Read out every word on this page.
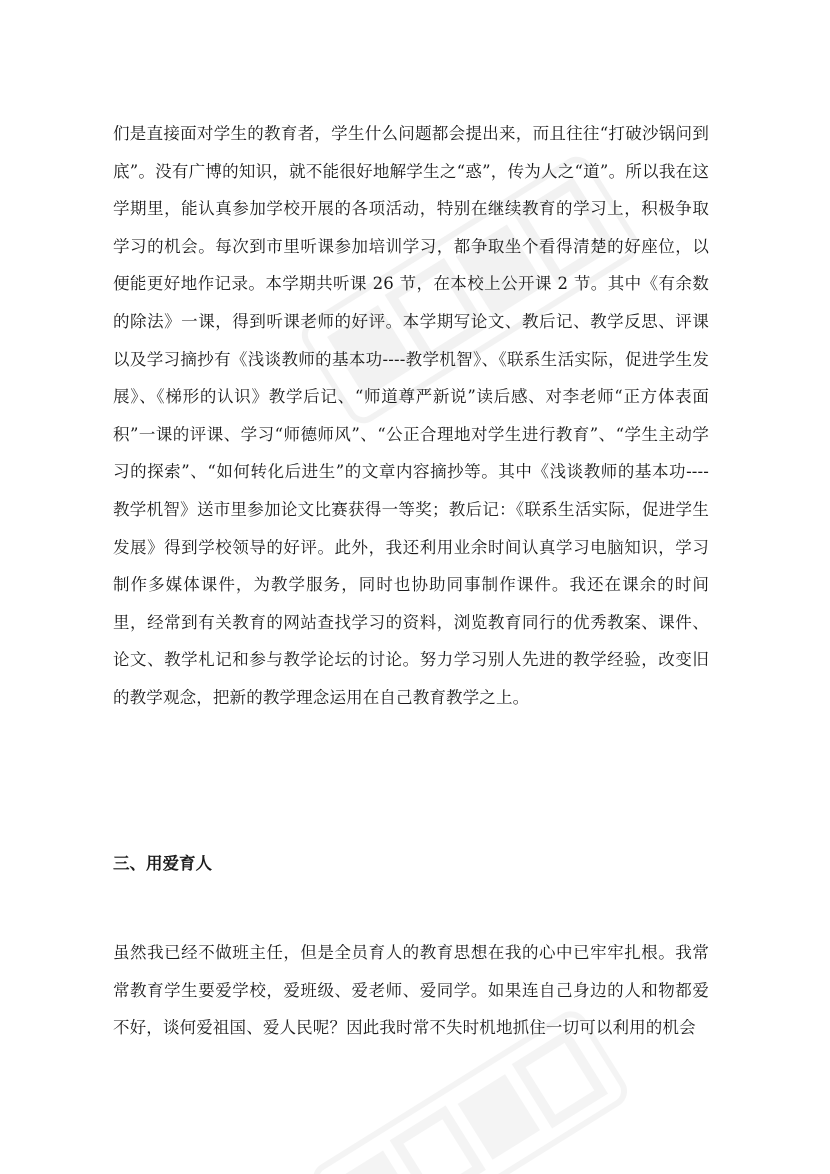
们是直接面对学生的教育者，学生什么问题都会提出来，而且往往“打破沙锅问到底”。没有广博的知识，就不能很好地解学生之“惑”，传为人之“道”。所以我在这学期里，能认真参加学校开展的各项活动，特别在继续教育的学习上，积极争取学习的机会。每次到市里听课参加培训学习，都争取坐个看得清楚的好座位，以便能更好地作记录。本学期共听课 26 节，在本校上公开课 2 节。其中《有余数的除法》一课，得到听课老师的好评。本学期写论文、教后记、教学反思、评课以及学习摘抄有《浅谈教师的基本功----教学机智》、《联系生活实际，促进学生发展》、《梯形的认识》教学后记、“师道尊严新说”读后感、对李老师“正方体表面积”一课的评课、学习“师德师风”、“公正合理地对学生进行教育”、“学生主动学习的探索”、“如何转化后进生”的文章内容摘抄等。其中《浅谈教师的基本功----教学机智》送市里参加论文比赛获得一等奖；教后记：《联系生活实际，促进学生发展》得到学校领导的好评。此外，我还利用业余时间认真学习电脑知识，学习制作多媒体课件，为教学服务，同时也协助同事制作课件。我还在课余的时间里，经常到有关教育的网站查找学习的资料，浏览教育同行的优秀教案、课件、论文、教学札记和参与教学论坛的讨论。努力学习别人先进的教学经验，改变旧的教学观念，把新的教学理念运用在自己教育教学之上。

三、用爱育人

虽然我已经不做班主任，但是全员育人的教育思想在我的心中已牢牢扎根。我常常教育学生要爱学校，爱班级、爱老师、爱同学。如果连自己身边的人和物都爱不好，谈何爱祖国、爱人民呢？因此我时常不失时机地抓住一切可以利用的机会
